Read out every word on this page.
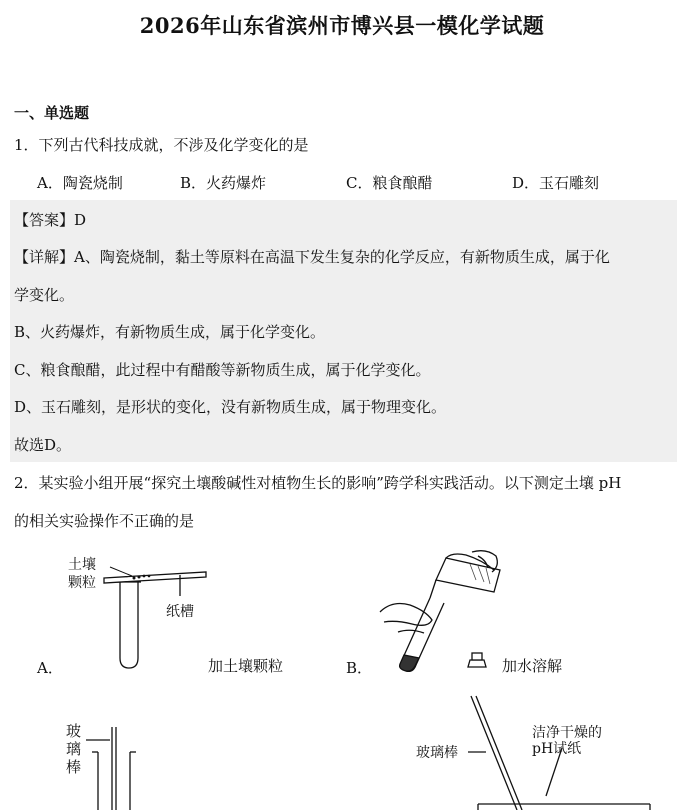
2026年山东省滨州市博兴县一模化学试题
一、单选题
1．下列古代科技成就，不涉及化学变化的是
A．陶瓷烧制	B．火药爆炸	C．粮食酿醋	D．玉石雕刻
【答案】D
【详解】A、陶瓷烧制，黏土等原料在高温下发生复杂的化学反应，有新物质生成，属于化
学变化。
B、火药爆炸，有新物质生成，属于化学变化。
C、粮食酿醋，此过程中有醋酸等新物质生成，属于化学变化。
D、玉石雕刻，是形状的变化，没有新物质生成，属于物理变化。
故选D。
2．某实验小组开展“探究土壤酸碱性对植物生长的影响”跨学科实践活动。以下测定土壤 pH
的相关实验操作不正确的是
土壤
颗粒
纸槽
A．	加土壤颗粒	B．	加水溶解
玻
璃
棒
玻璃棒
洁净干燥的
pH试纸
